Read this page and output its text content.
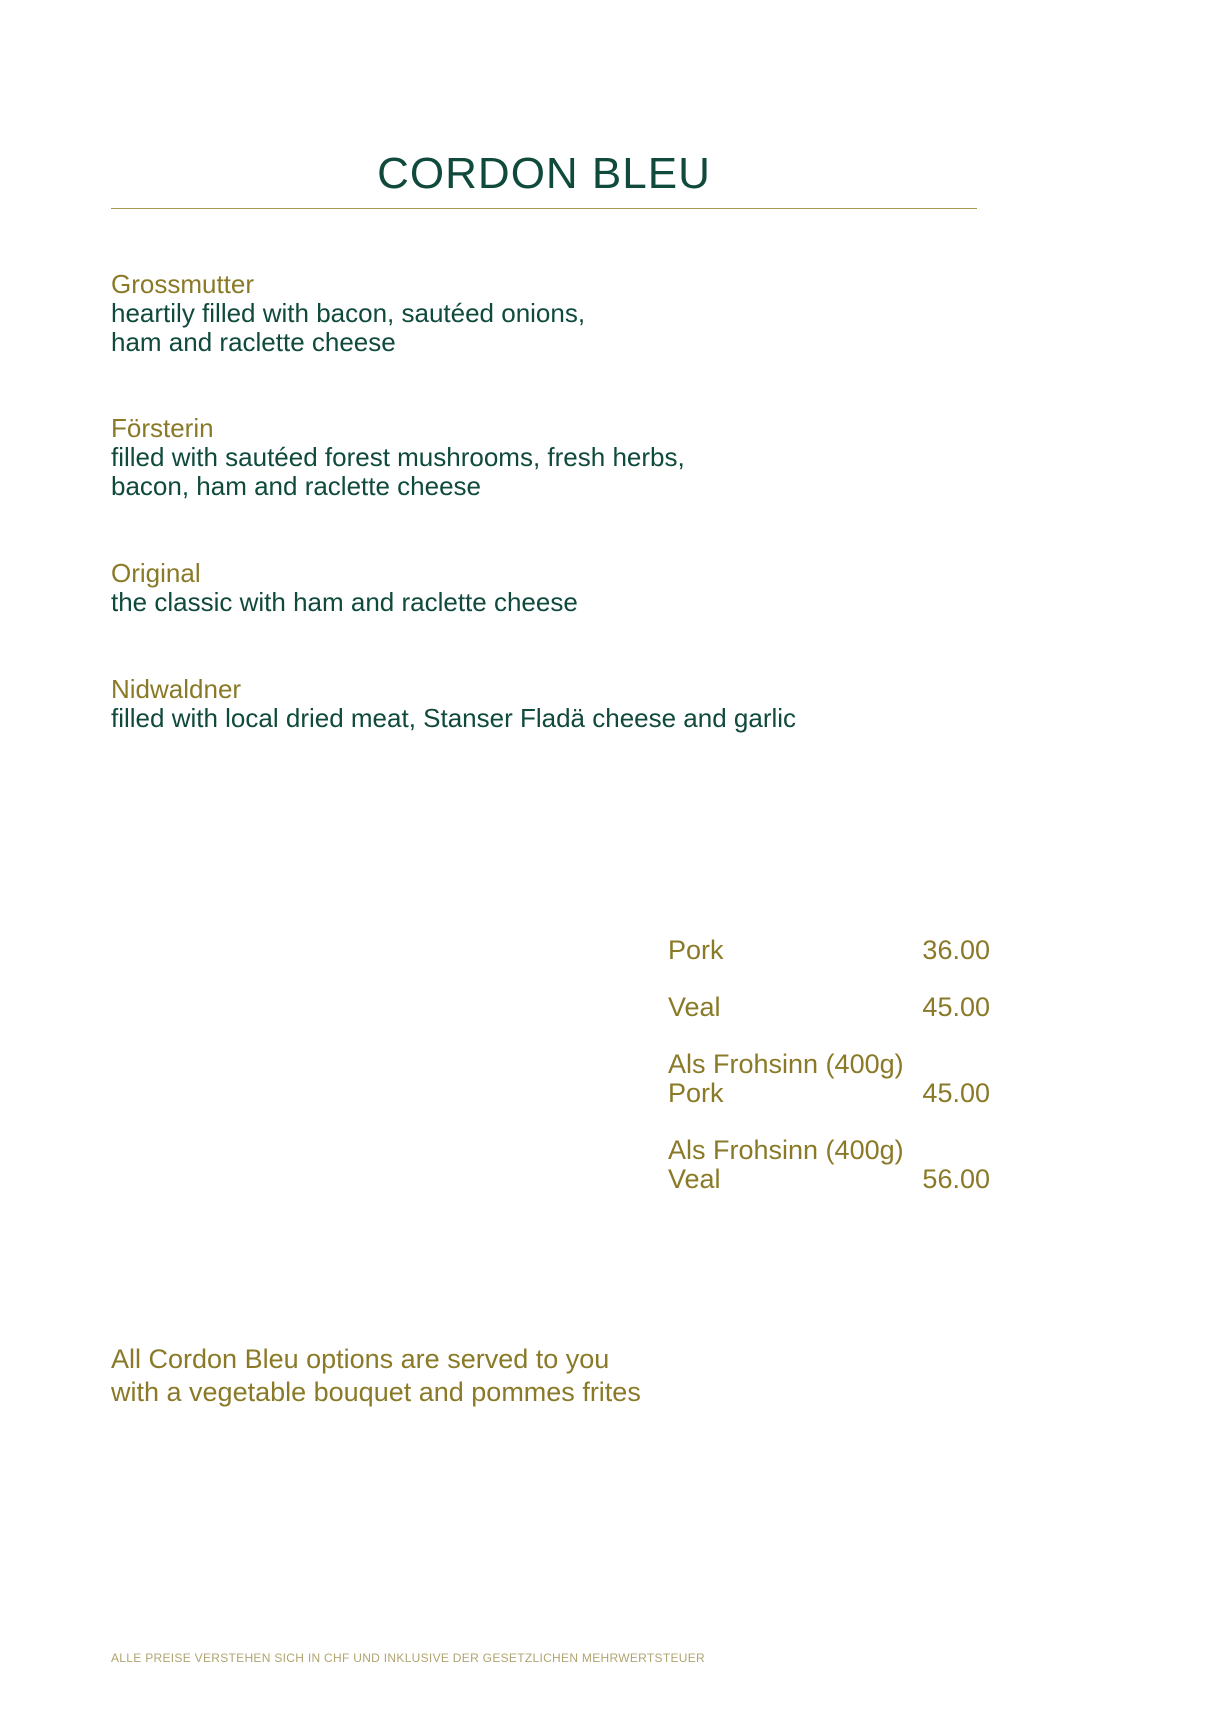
CORDON BLEU
Grossmutter
heartily filled with bacon, sautéed onions,
ham and raclette cheese
Försterin
filled with sautéed forest mushrooms, fresh herbs,
bacon, ham and raclette cheese
Original
the classic with ham and raclette cheese
Nidwaldner
filled with local dried meat, Stanser Fladä cheese and garlic
Pork	36.00
Veal	45.00
Als Frohsinn (400g)
Pork	45.00
Als Frohsinn (400g)
Veal	56.00
All Cordon Bleu options are served to you
with a vegetable bouquet and pommes frites
ALLE PREISE VERSTEHEN SICH IN CHF UND INKLUSIVE DER GESETZLICHEN MEHRWERTSTEUER
